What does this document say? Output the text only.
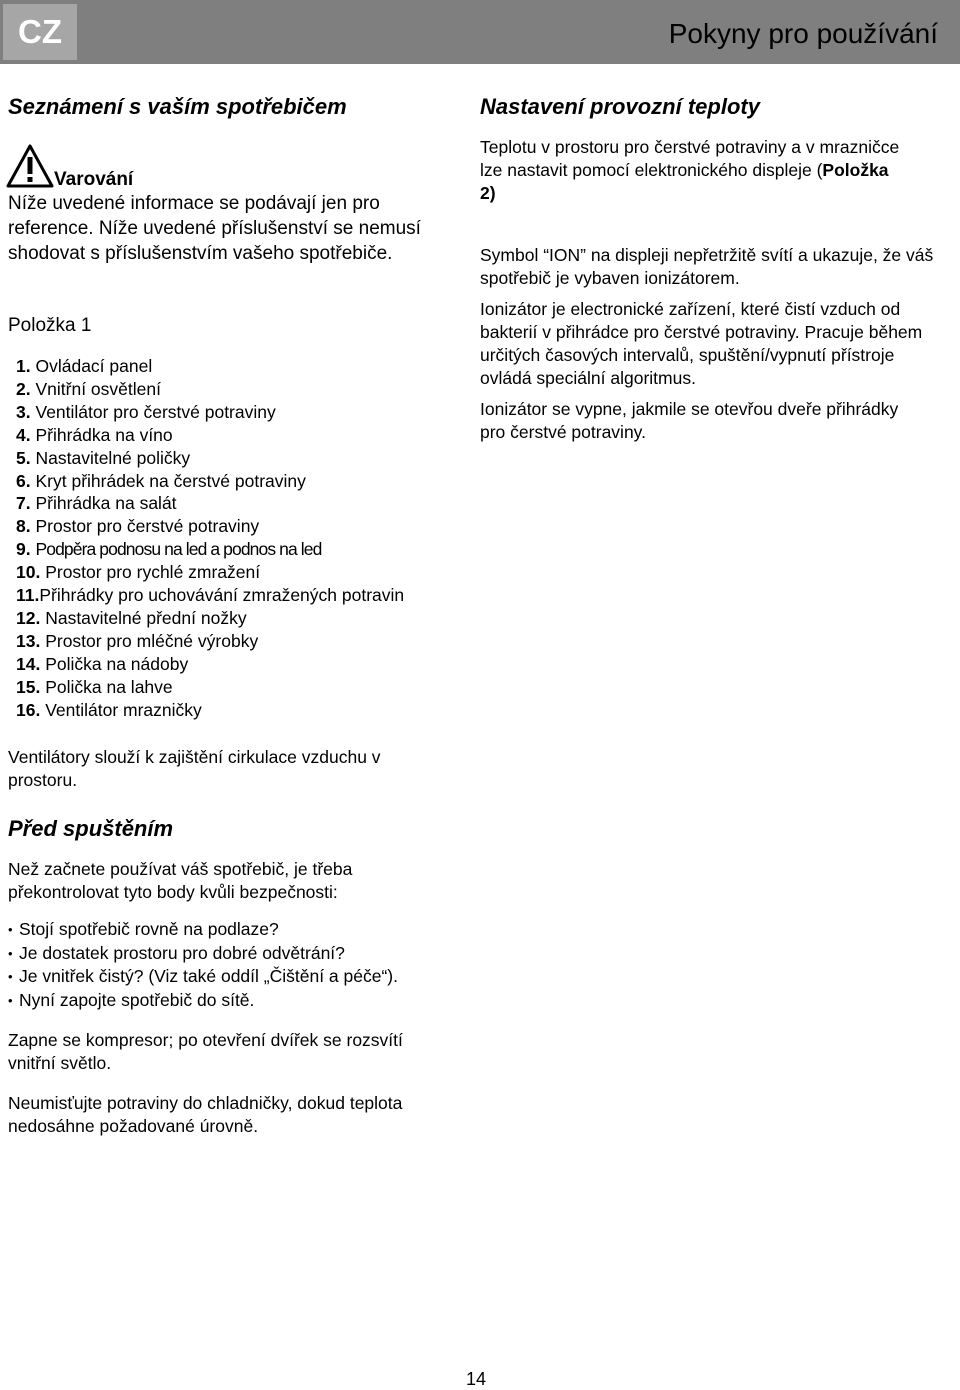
CZ	Pokyny pro používání
Seznámení s vaším spotřebičem
Varování

Níže uvedené informace se podávají jen pro reference. Níže uvedené příslušenství se nemusí shodovat s příslušenstvím vašeho spotřebiče.

Položka 1

1. Ovládací panel
2. Vnitřní osvětlení
3. Ventilátor pro čerstvé potraviny
4. Přihrádka na víno
5. Nastavitelné poličky
6. Kryt přihrádek na čerstvé potraviny
7. Přihrádka na salát
8. Prostor pro čerstvé potraviny
9. Podpěra podnosu na led a podnos na led
10. Prostor pro rychlé zmražení
11.Přihrádky pro uchovávání zmražených potravin
12. Nastavitelné přední nožky
13. Prostor pro mléčné výrobky
14. Polička na nádoby
15. Polička na lahve
16. Ventilátor mrazničky

Ventilátory slouží k zajištění cirkulace vzduchu v prostoru.

Před spuštěním

Než začnete používat váš spotřebič, je třeba překontrolovat tyto body kvůli bezpečnosti:

• Stojí spotřebič rovně na podlaze?
• Je dostatek prostoru pro dobré odvětrání?
• Je vnitřek čistý? (Viz také oddíl „Čištění a péče“).
• Nyní zapojte spotřebič do sítě.

Zapne se kompresor; po otevření dvířek se rozsvítí vnitřní světlo.

Neumisťujte potraviny do chladničky, dokud teplota nedosáhne požadované úrovně.

Nastavení provozní teploty

Teplotu v prostoru pro čerstvé potraviny a v mrazničce lze nastavit pomocí elektronického displeje (Položka 2)

Symbol “ION” na displeji nepřetržitě svítí a ukazuje, že váš spotřebič je vybaven ionizátorem.

Ionizátor je electronické zařízení, které čistí vzduch od bakterií v přihrádce pro čerstvé potraviny. Pracuje během určitých časových intervalů, spuštění/vypnutí přístroje ovládá speciální algoritmus.

Ionizátor se vypne, jakmile se otevřou dveře přihrádky pro čerstvé potraviny.

14
